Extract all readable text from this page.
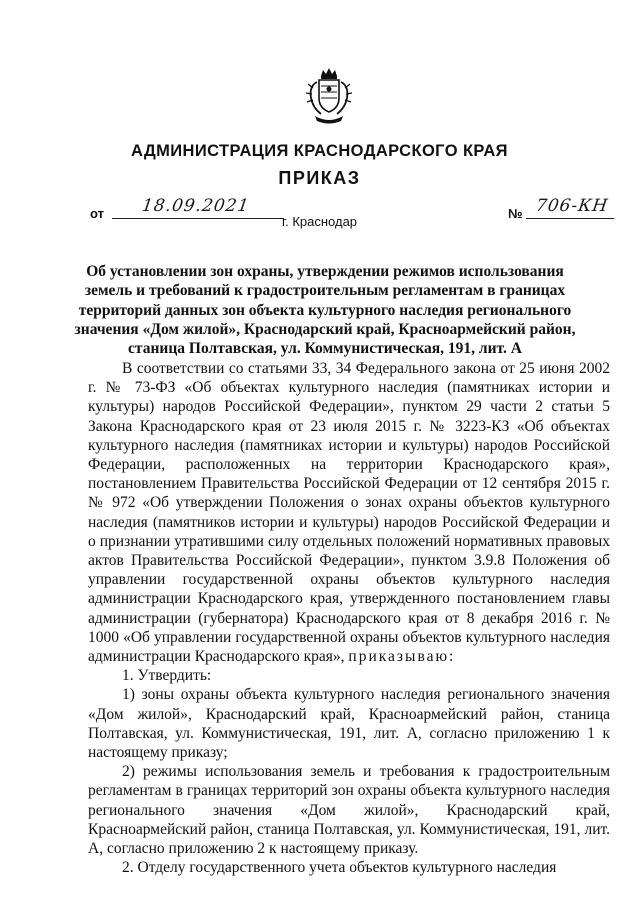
АДМИНИСТРАЦИЯ КРАСНОДАРСКОГО КРАЯ
ПРИКАЗ
от 18.09.2021	№ 706-КН
г. Краснодар
Об установлении зон охраны, утверждении режимов использования земель и требований к градостроительным регламентам в границах территорий данных зон объекта культурного наследия регионального значения «Дом жилой», Краснодарский край, Красноармейский район, станица Полтавская, ул. Коммунистическая, 191, лит. А

В соответствии со статьями 33, 34 Федерального закона от 25 июня 2002 г. № 73-ФЗ «Об объектах культурного наследия (памятниках истории и культуры) народов Российской Федерации», пунктом 29 части 2 статьи 5 Закона Краснодарского края от 23 июля 2015 г. № 3223-КЗ «Об объектах культурного наследия (памятниках истории и культуры) народов Российской Федерации, расположенных на территории Краснодарского края», постановлением Правительства Российской Федерации от 12 сентября 2015 г. № 972 «Об утверждении Положения о зонах охраны объектов культурного наследия (памятников истории и культуры) народов Российской Федерации и о признании утратившими силу отдельных положений нормативных правовых актов Правительства Российской Федерации», пунктом 3.9.8 Положения об управлении государственной охраны объектов культурного наследия администрации Краснодарского края, утвержденного постановлением главы администрации (губернатора) Краснодарского края от 8 декабря 2016 г. № 1000 «Об управлении государственной охраны объектов культурного наследия администрации Краснодарского края», приказываю:

1. Утвердить:

1) зоны охраны объекта культурного наследия регионального значения «Дом жилой», Краснодарский край, Красноармейский район, станица Полтавская, ул. Коммунистическая, 191, лит. А, согласно приложению 1 к настоящему приказу;

2) режимы использования земель и требования к градостроительным регламентам в границах территорий зон охраны объекта культурного наследия регионального значения «Дом жилой», Краснодарский край, Красноармейский район, станица Полтавская, ул. Коммунистическая, 191, лит. А, согласно приложению 2 к настоящему приказу.

2. Отделу государственного учета объектов культурного наследия
